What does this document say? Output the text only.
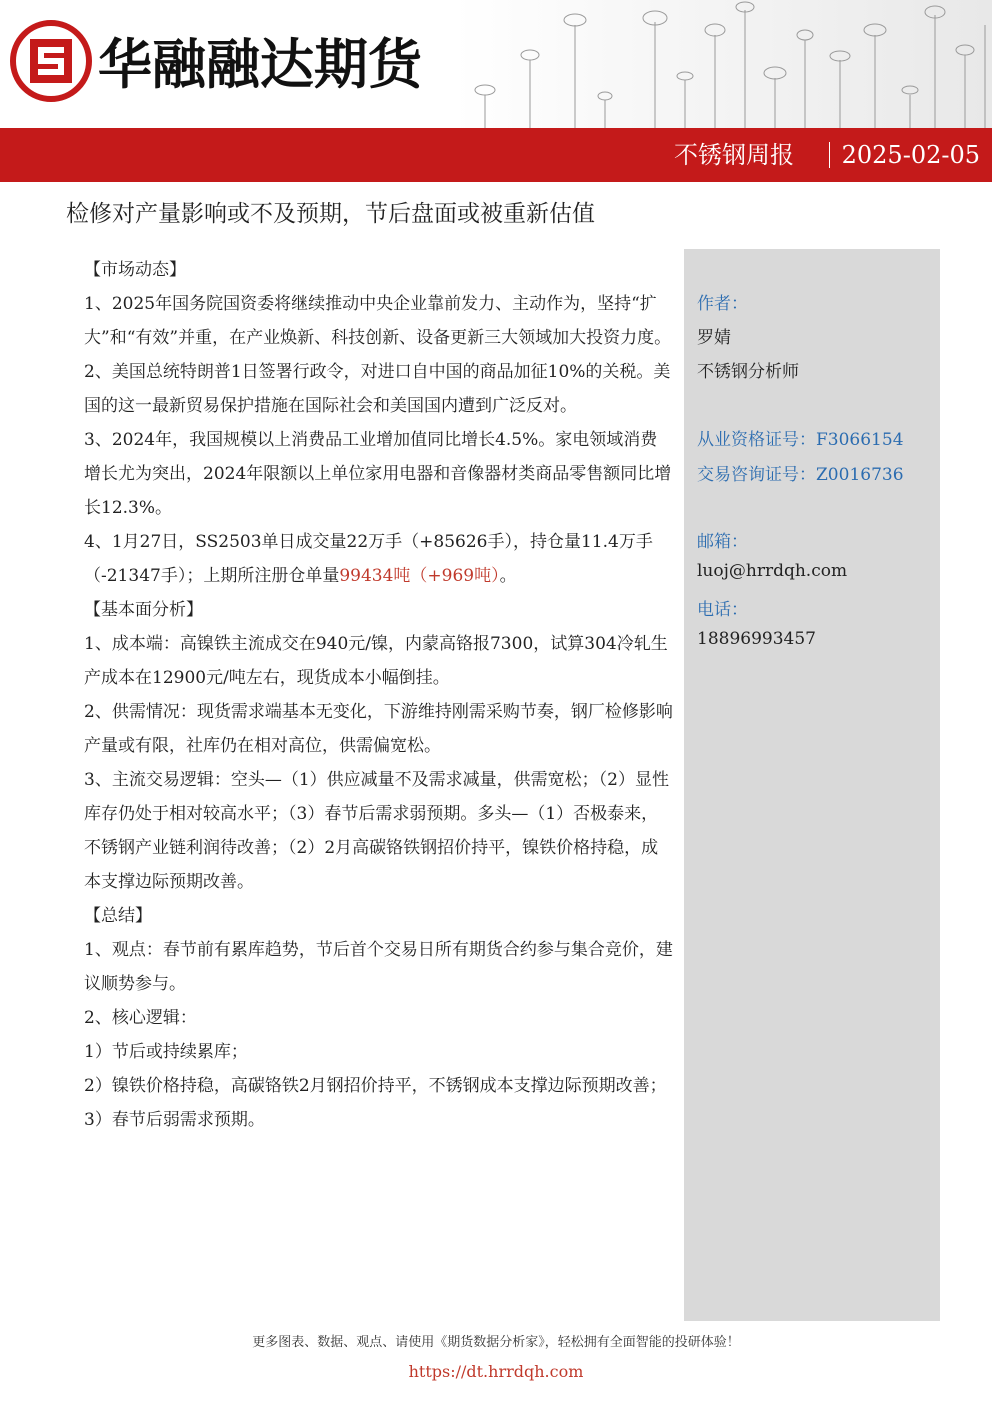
华融融达期货
不锈钢周报 2025-02-05
检修对产量影响或不及预期，节后盘面或被重新估值
【市场动态】
1、2025年国务院国资委将继续推动中央企业靠前发力、主动作为，坚持“扩大”和“有效”并重，在产业焕新、科技创新、设备更新三大领域加大投资力度。
2、美国总统特朗普1日签署行政令，对进口自中国的商品加征10%的关税。美国的这一最新贸易保护措施在国际社会和美国国内遭到广泛反对。
3、2024年，我国规模以上消费品工业增加值同比增长4.5%。家电领域消费增长尤为突出，2024年限额以上单位家用电器和音像器材类商品零售额同比增长12.3%。
4、1月27日，SS2503单日成交量22万手（+85626手），持仓量11.4万手（-21347手）；上期所注册仓单量99434吨（+969吨）。
【基本面分析】
1、成本端：高镍铁主流成交在940元/镍，内蒙高铬报7300，试算304冷轧生产成本在12900元/吨左右，现货成本小幅倒挂。
2、供需情况：现货需求端基本无变化，下游维持刚需采购节奏，钢厂检修影响产量或有限，社库仍在相对高位，供需偏宽松。
3、主流交易逻辑：空头—（1）供应减量不及需求减量，供需宽松；（2）显性库存仍处于相对较高水平；（3）春节后需求弱预期。多头—（1）否极泰来，不锈钢产业链利润待改善；（2）2月高碳铬铁钢招价持平，镍铁价格持稳，成本支撑边际预期改善。
【总结】
1、观点：春节前有累库趋势，节后首个交易日所有期货合约参与集合竞价，建议顺势参与。
2、核心逻辑：
1）节后或持续累库；
2）镍铁价格持稳，高碳铬铁2月钢招价持平，不锈钢成本支撑边际预期改善；
3）春节后弱需求预期。
作者：
罗婧
不锈钢分析师
从业资格证号：F3066154
交易咨询证号：Z0016736
邮箱：
luoj@hrrdqh.com
电话：
18896993457
更多图表、数据、观点、请使用《期货数据分析家》，轻松拥有全面智能的投研体验！
https://dt.hrrdqh.com
